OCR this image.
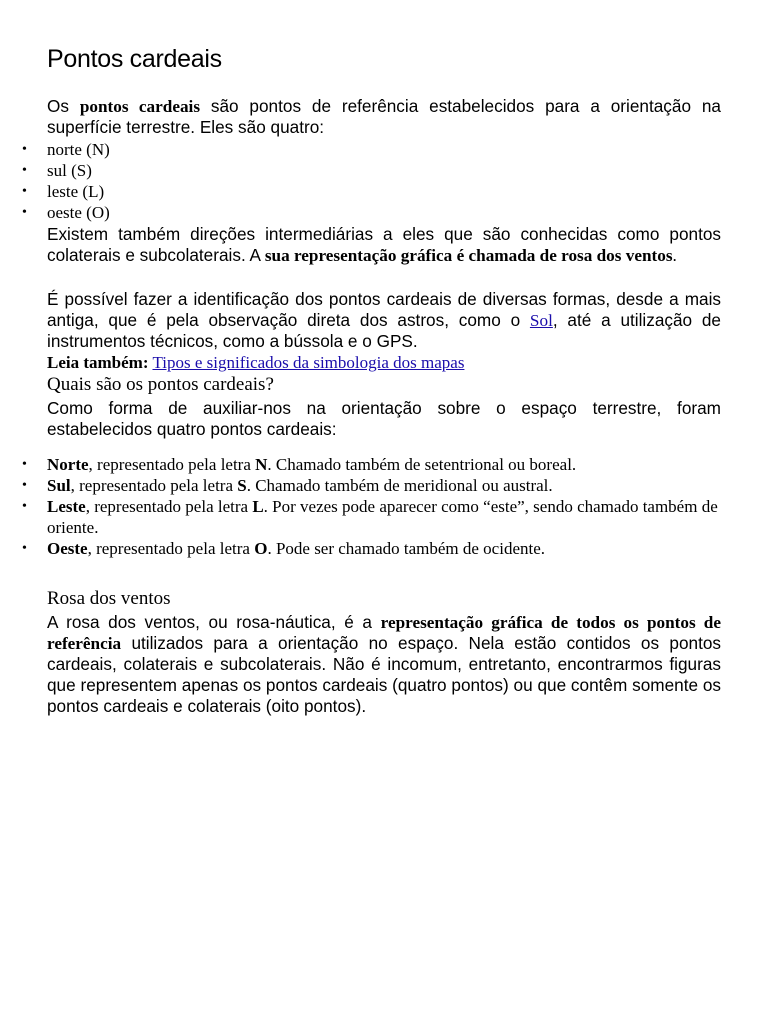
Pontos cardeais

Os pontos cardeais são pontos de referência estabelecidos para a orientação na superfície terrestre. Eles são quatro:

• norte (N)
• sul (S)
• leste (L)
• oeste (O)

Existem também direções intermediárias a eles que são conhecidas como pontos colaterais e subcolaterais. A sua representação gráfica é chamada de rosa dos ventos.

É possível fazer a identificação dos pontos cardeais de diversas formas, desde a mais antiga, que é pela observação direta dos astros, como o Sol, até a utilização de instrumentos técnicos, como a bússola e o GPS.

Leia também: Tipos e significados da simbologia dos mapas
Quais são os pontos cardeais?

Como forma de auxiliar-nos na orientação sobre o espaço terrestre, foram estabelecidos quatro pontos cardeais:

• Norte, representado pela letra N. Chamado também de setentrional ou boreal.
• Sul, representado pela letra S. Chamado também de meridional ou austral.
• Leste, representado pela letra L. Por vezes pode aparecer como “este”, sendo chamado também de oriente.
• Oeste, representado pela letra O. Pode ser chamado também de ocidente.
Rosa dos ventos

A rosa dos ventos, ou rosa-náutica, é a representação gráfica de todos os pontos de referência utilizados para a orientação no espaço. Nela estão contidos os pontos cardeais, colaterais e subcolaterais. Não é incomum, entretanto, encontrarmos figuras que representem apenas os pontos cardeais (quatro pontos) ou que contêm somente os pontos cardeais e colaterais (oito pontos).
